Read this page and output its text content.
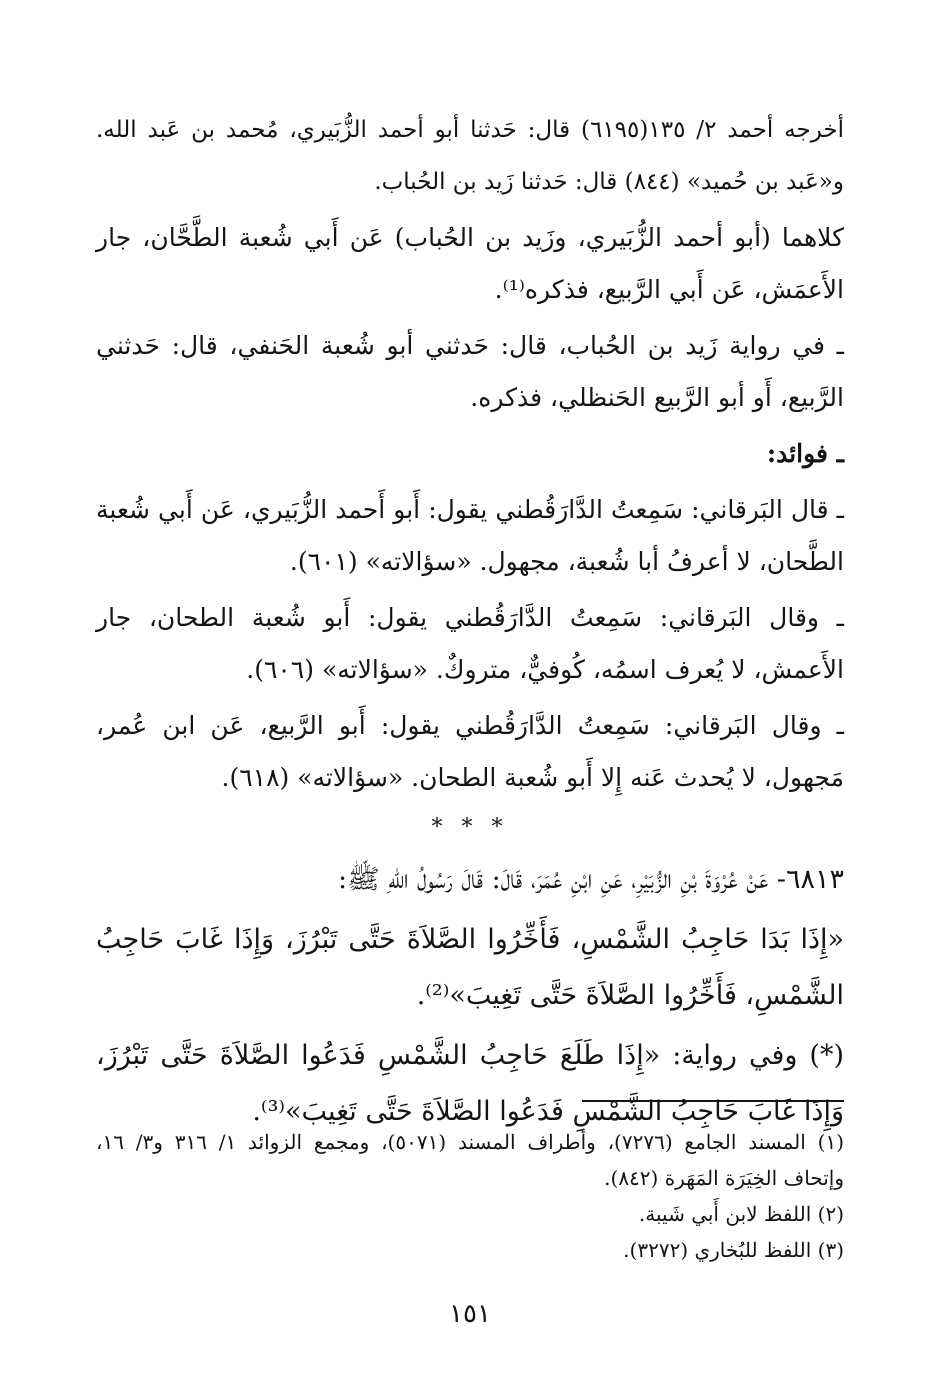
أخرجه أحمد ٢/ ١٣٥(٦١٩٥) قال: حَدثنا أبو أحمد الزُّبَيري، مُحمد بن عَبد الله. و«عَبد بن حُميد» (٨٤٤) قال: حَدثنا زَيد بن الحُباب.

كلاهما (أبو أحمد الزُّبَيري، وزَيد بن الحُباب) عَن أَبي شُعبة الطَّحَّان، جار الأَعمَش، عَن أَبي الرَّبيع، فذكره⁽¹⁾.

ـ في رواية زَيد بن الحُباب، قال: حَدثني أبو شُعبة الحَنفي، قال: حَدثني الرَّبيع، أَو أبو الرَّبيع الحَنظلي، فذكره.

ـ فوائد:

ـ قال البَرقاني: سَمِعتُ الدَّارَقُطني يقول: أَبو أَحمد الزُّبَيري، عَن أَبي شُعبة الطَّحان، لا أعرفُ أبا شُعبة، مجهول. «سؤالاته» (٦٠١).

ـ وقال البَرقاني: سَمِعتُ الدَّارَقُطني يقول: أَبو شُعبة الطحان، جار الأَعمش، لا يُعرف اسمُه، كُوفيٌّ، متروكٌ. «سؤالاته» (٦٠٦).

ـ وقال البَرقاني: سَمِعتُ الدَّارَقُطني يقول: أَبو الرَّبيع، عَن ابن عُمر، مَجهول، لا يُحدث عَنه إِلا أَبو شُعبة الطحان. «سؤالاته» (٦١٨).

* * *

٦٨١٣- عَنْ عُرْوَةَ بْنِ الزُّبَيْرِ، عَنِ ابْنِ عُمَرَ، قَالَ: قَالَ رَسُولُ اللهِ ﷺ:

«إِذَا بَدَا حَاجِبُ الشَّمْسِ، فَأَخِّرُوا الصَّلاَةَ حَتَّى تَبْرُزَ، وَإِذَا غَابَ حَاجِبُ الشَّمْسِ، فَأَخِّرُوا الصَّلاَةَ حَتَّى تَغِيبَ»⁽²⁾.

(*) وفي رواية: «إِذَا طَلَعَ حَاجِبُ الشَّمْسِ فَدَعُوا الصَّلاَةَ حَتَّى تَبْرُزَ، وَإِذَا غَابَ حَاجِبُ الشَّمْسِ فَدَعُوا الصَّلاَةَ حَتَّى تَغِيبَ»⁽³⁾.

(١) المسند الجامع (٧٢٧٦)، وأطراف المسند (٥٠٧١)، ومجمع الزوائد ١/ ٣١٦ و٣/ ١٦، وإتحاف الخِيَرَة المَهَرة (٨٤٢).

(٢) اللفظ لابن أَبي شَيبة.

(٣) اللفظ للبُخاري (٣٢٧٢).

١٥١
